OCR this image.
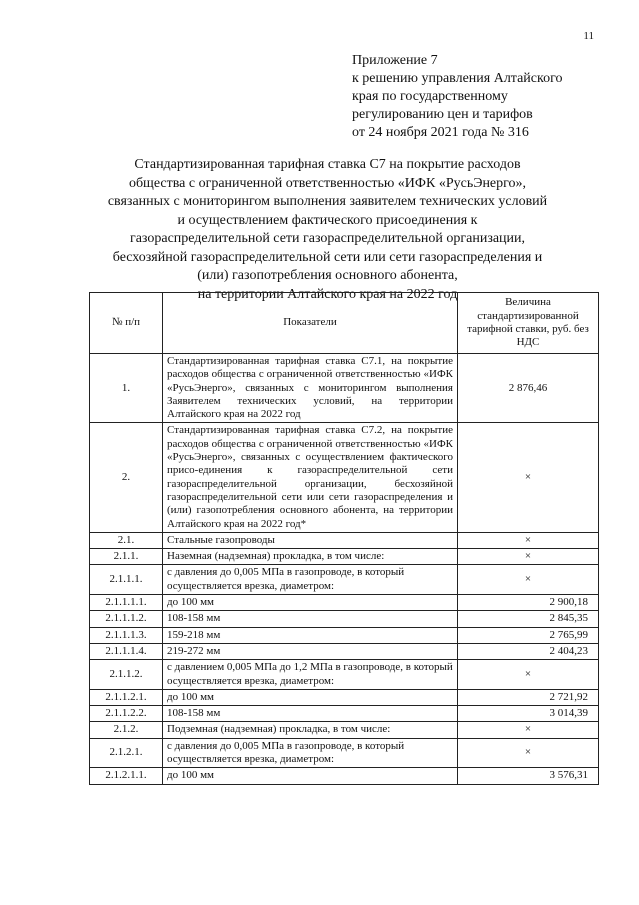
11
Приложение 7
к решению управления Алтайского
края по государственному
регулированию цен и тарифов
от 24 ноября 2021 года № 316
Стандартизированная тарифная ставка С7 на покрытие расходов
общества с ограниченной ответственностью «ИФК «РусьЭнерго»,
связанных с мониторингом выполнения заявителем технических условий
и осуществлением фактического присоединения к
газораспределительной сети газораспределительной организации,
бесхозяйной газораспределительной сети или сети газораспределения и
(или) газопотребления основного абонента,
на территории Алтайского края на 2022 год
№ п/п	Показатели	Величина стандартизированной тарифной ставки, руб. без НДС
1.	Стандартизированная тарифная ставка С7.1, на покрытие расходов общества с ограниченной ответственностью «ИФК «РусьЭнерго», связанных с мониторингом выполнения Заявителем технических условий, на территории Алтайского края на 2022 год	2 876,46
2.	Стандартизированная тарифная ставка С7.2, на покрытие расходов общества с ограниченной ответственностью «ИФК «РусьЭнерго», связанных с осуществлением фактического присо-единения к газораспределительной сети газораспределительной организации, бесхозяйной газораспределительной сети или сети газораспределения и (или) газопотребления основного абонента, на территории Алтайского края на 2022 год*	×
2.1.	Стальные газопроводы	×
2.1.1.	Наземная (надземная) прокладка, в том числе:	×
2.1.1.1.	с давления до 0,005 МПа в газопроводе, в который осуществляется врезка, диаметром:	×
2.1.1.1.1.	до 100 мм	2 900,18
2.1.1.1.2.	108-158 мм	2 845,35
2.1.1.1.3.	159-218 мм	2 765,99
2.1.1.1.4.	219-272 мм	2 404,23
2.1.1.2.	с давлением 0,005 МПа до 1,2 МПа в газопроводе, в который осуществляется врезка, диаметром:	×
2.1.1.2.1.	до 100 мм	2 721,92
2.1.1.2.2.	108-158 мм	3 014,39
2.1.2.	Подземная (надземная) прокладка, в том числе:	×
2.1.2.1.	с давления до 0,005 МПа в газопроводе, в который осуществляется врезка, диаметром:	×
2.1.2.1.1.	до 100 мм	3 576,31
